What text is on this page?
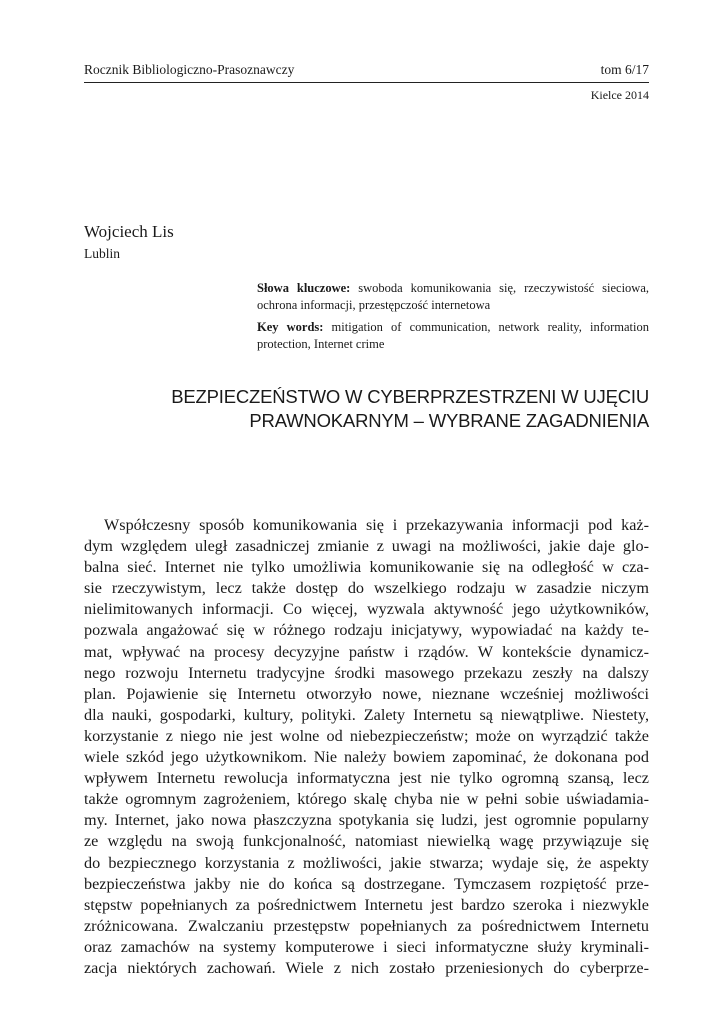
Rocznik Bibliologiczno-Prasoznawczy	tom 6/17
Kielce 2014
Wojciech Lis
Lublin

Słowa kluczowe: swoboda komunikowania się, rzeczywistość sieciowa, ochrona informacji, przestępczość internetowa

Key words: mitigation of communication, network reality, information protection, Internet crime

BEZPIECZEŃSTWO W CYBERPRZESTRZENI W UJĘCIU
PRAWNOKARNYM – WYBRANE ZAGADNIENIA
Współczesny sposób komunikowania się i przekazywania informacji pod każ-
dym względem uległ zasadniczej zmianie z uwagi na możliwości, jakie daje glo-
balna sieć. Internet nie tylko umożliwia komunikowanie się na odległość w cza-
sie rzeczywistym, lecz także dostęp do wszelkiego rodzaju w zasadzie niczym
nielimitowanych informacji. Co więcej, wyzwala aktywność jego użytkowników,
pozwala angażować się w różnego rodzaju inicjatywy, wypowiadać na każdy te-
mat, wpływać na procesy decyzyjne państw i rządów. W kontekście dynamicz-
nego rozwoju Internetu tradycyjne środki masowego przekazu zeszły na dalszy
plan. Pojawienie się Internetu otworzyło nowe, nieznane wcześniej możliwości
dla nauki, gospodarki, kultury, polityki. Zalety Internetu są niewątpliwe. Niestety,
korzystanie z niego nie jest wolne od niebezpieczeństw; może on wyrządzić także
wiele szkód jego użytkownikom. Nie należy bowiem zapominać, że dokonana pod
wpływem Internetu rewolucja informatyczna jest nie tylko ogromną szansą, lecz
także ogromnym zagrożeniem, którego skalę chyba nie w pełni sobie uświadamia-
my. Internet, jako nowa płaszczyzna spotykania się ludzi, jest ogromnie popularny
ze względu na swoją funkcjonalność, natomiast niewielką wagę przywiązuje się
do bezpiecznego korzystania z możliwości, jakie stwarza; wydaje się, że aspekty
bezpieczeństwa jakby nie do końca są dostrzegane. Tymczasem rozpiętość prze-
stępstw popełnianych za pośrednictwem Internetu jest bardzo szeroka i niezwykle
zróżnicowana. Zwalczaniu przestępstw popełnianych za pośrednictwem Internetu
oraz zamachów na systemy komputerowe i sieci informatyczne służy kryminali-
zacja niektórych zachowań. Wiele z nich zostało przeniesionych do cyberprze-
